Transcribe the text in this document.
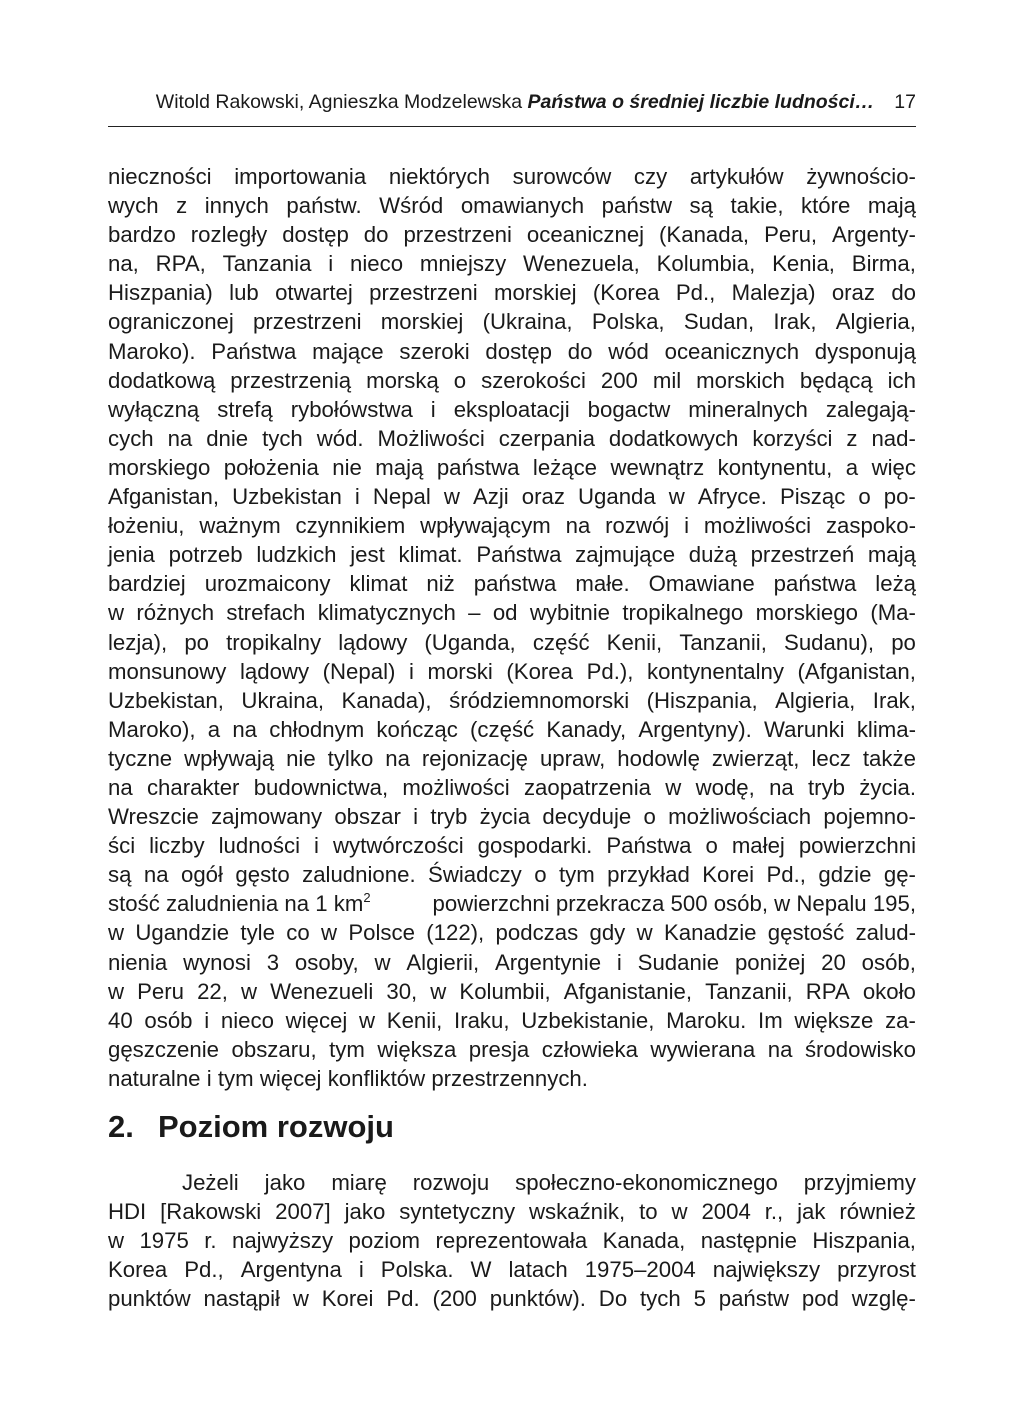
Witold Rakowski, Agnieszka Modzelewska Państwa o średniej liczbie ludności… 17
nieczności importowania niektórych surowców czy artykułów żywnościo-
wych z innych państw. Wśród omawianych państw są takie, które mają
bardzo rozległy dostęp do przestrzeni oceanicznej (Kanada, Peru, Argenty-
na, RPA, Tanzania i nieco mniejszy Wenezuela, Kolumbia, Kenia, Birma,
Hiszpania) lub otwartej przestrzeni morskiej (Korea Pd., Malezja) oraz do
ograniczonej przestrzeni morskiej (Ukraina, Polska, Sudan, Irak, Algieria,
Maroko). Państwa mające szeroki dostęp do wód oceanicznych dysponują
dodatkową przestrzenią morską o szerokości 200 mil morskich będącą ich
wyłączną strefą rybołówstwa i eksploatacji bogactw mineralnych zalegają-
cych na dnie tych wód. Możliwości czerpania dodatkowych korzyści z nad-
morskiego położenia nie mają państwa leżące wewnątrz kontynentu, a więc
Afganistan, Uzbekistan i Nepal w Azji oraz Uganda w Afryce. Pisząc o po-
łożeniu, ważnym czynnikiem wpływającym na rozwój i możliwości zaspoko-
jenia potrzeb ludzkich jest klimat. Państwa zajmujące dużą przestrzeń mają
bardziej urozmaicony klimat niż państwa małe. Omawiane państwa leżą
w różnych strefach klimatycznych – od wybitnie tropikalnego morskiego (Ma-
lezja), po tropikalny lądowy (Uganda, część Kenii, Tanzanii, Sudanu), po
monsunowy lądowy (Nepal) i morski (Korea Pd.), kontynentalny (Afganistan,
Uzbekistan, Ukraina, Kanada), śródziemnomorski (Hiszpania, Algieria, Irak,
Maroko), a na chłodnym kończąc (część Kanady, Argentyny). Warunki klima-
tyczne wpływają nie tylko na rejonizację upraw, hodowlę zwierząt, lecz także
na charakter budownictwa, możliwości zaopatrzenia w wodę, na tryb życia.
Wreszcie zajmowany obszar i tryb życia decyduje o możliwościach pojemno-
ści liczby ludności i wytwórczości gospodarki. Państwa o małej powierzchni
są na ogół gęsto zaludnione. Świadczy o tym przykład Korei Pd., gdzie gę-
stość zaludnienia na 1 $km^2$	powierzchni przekracza 500 osób, w Nepalu 195,
w Ugandzie tyle co w Polsce (122), podczas gdy w Kanadzie gęstość zalud-
nienia wynosi 3 osoby, w Algierii, Argentynie i Sudanie poniżej 20 osób,
w Peru 22, w Wenezueli 30, w Kolumbii, Afganistanie, Tanzanii, RPA około
40 osób i nieco więcej w Kenii, Iraku, Uzbekistanie, Maroku. Im większe za-
gęszczenie obszaru, tym większa presja człowieka wywierana na środowisko
naturalne i tym więcej konfliktów przestrzennych.
2. Poziom rozwoju
Jeżeli jako miarę rozwoju społeczno-ekonomicznego przyjmiemy
HDI [Rakowski 2007] jako syntetyczny wskaźnik, to w 2004 r., jak również
w 1975 r. najwyższy poziom reprezentowała Kanada, następnie Hiszpania,
Korea Pd., Argentyna i Polska. W latach 1975–2004 największy przyrost
punktów nastąpił w Korei Pd. (200 punktów). Do tych 5 państw pod wzglę-
